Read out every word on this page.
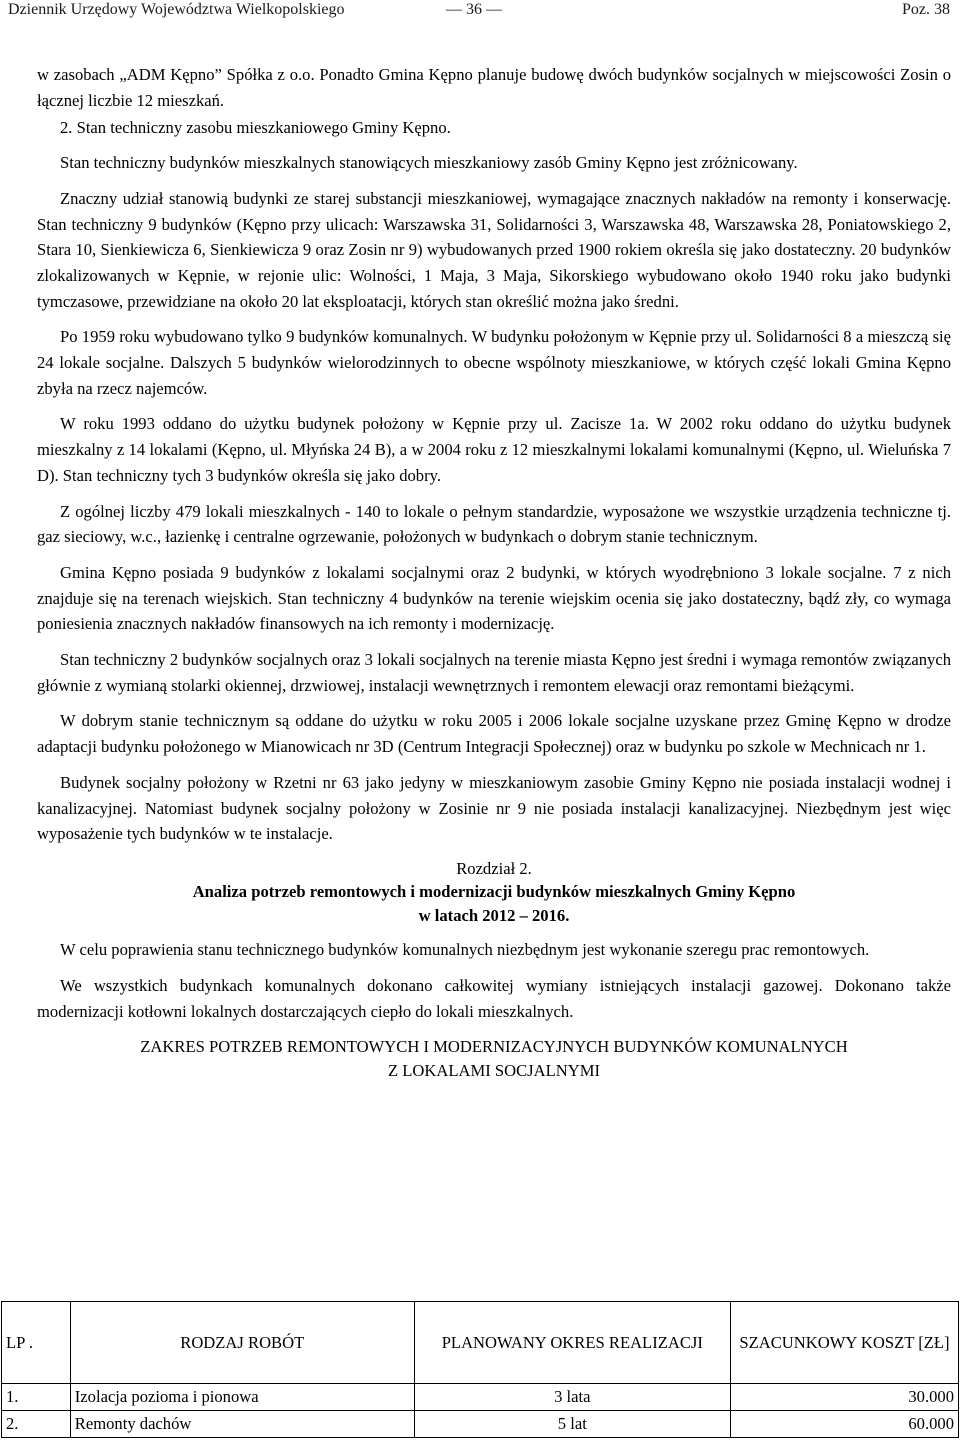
Dziennik Urzędowy Województwa Wielkopolskiego	— 36 —	Poz. 38

w zasobach „ADM Kępno” Spółka z o.o. Ponadto Gmina Kępno planuje budowę dwóch budynków socjalnych w miejscowości Zosin o łącznej liczbie 12 mieszkań.

2. Stan techniczny zasobu mieszkaniowego Gminy Kępno.

Stan techniczny budynków mieszkalnych stanowiących mieszkaniowy zasób Gminy Kępno jest zróżnicowany.

Znaczny udział stanowią budynki ze starej substancji mieszkaniowej, wymagające znacznych nakładów na remonty i konserwację. Stan techniczny 9 budynków (Kępno przy ulicach: Warszawska 31, Solidarności 3, Warszawska 48, Warszawska 28, Poniatowskiego 2, Stara 10, Sienkiewicza 6, Sienkiewicza 9 oraz Zosin nr 9) wybudowanych przed 1900 rokiem określa się jako dostateczny. 20 budynków zlokalizowanych w Kępnie, w rejonie ulic: Wolności, 1 Maja, 3 Maja, Sikorskiego wybudowano około 1940 roku jako budynki tymczasowe, przewidziane na około 20 lat eksploatacji, których stan określić można jako średni.

Po 1959 roku wybudowano tylko 9 budynków komunalnych. W budynku położonym w Kępnie przy ul. Solidarności 8 a mieszczą się 24 lokale socjalne. Dalszych 5 budynków wielorodzinnych to obecne wspólnoty mieszkaniowe, w których część lokali Gmina Kępno zbyła na rzecz najemców.

W roku 1993 oddano do użytku budynek położony w Kępnie przy ul. Zacisze 1a. W 2002 roku oddano do użytku budynek mieszkalny z 14 lokalami (Kępno, ul. Młyńska 24 B), a w 2004 roku z 12 mieszkalnymi lokalami komunalnymi (Kępno, ul. Wieluńska 7 D). Stan techniczny tych 3 budynków określa się jako dobry.

Z ogólnej liczby 479 lokali mieszkalnych - 140 to lokale o pełnym standardzie, wyposażone we wszystkie urządzenia techniczne tj. gaz sieciowy, w.c., łazienkę i centralne ogrzewanie, położonych w budynkach o dobrym stanie technicznym.

Gmina Kępno posiada 9 budynków z lokalami socjalnymi oraz 2 budynki, w których wyodrębniono 3 lokale socjalne. 7 z nich znajduje się na terenach wiejskich. Stan techniczny 4 budynków na terenie wiejskim ocenia się jako dostateczny, bądź zły, co wymaga poniesienia znacznych nakładów finansowych na ich remonty i modernizację.

Stan techniczny 2 budynków socjalnych oraz 3 lokali socjalnych na terenie miasta Kępno jest średni i wymaga remontów związanych głównie z wymianą stolarki okiennej, drzwiowej, instalacji wewnętrznych i remontem elewacji oraz remontami bieżącymi.

W dobrym stanie technicznym są oddane do użytku w roku 2005 i 2006 lokale socjalne uzyskane przez Gminę Kępno w drodze adaptacji budynku położonego w Mianowicach nr 3D (Centrum Integracji Społecznej) oraz w budynku po szkole w Mechnicach nr 1.

Budynek socjalny położony w Rzetni nr 63 jako jedyny w mieszkaniowym zasobie Gminy Kępno nie posiada instalacji wodnej i kanalizacyjnej. Natomiast budynek socjalny położony w Zosinie nr 9 nie posiada instalacji kanalizacyjnej. Niezbędnym jest więc wyposażenie tych budynków w te instalacje.

Rozdział 2.
Analiza potrzeb remontowych i modernizacji budynków mieszkalnych Gminy Kępno
w latach 2012 – 2016.

W celu poprawienia stanu technicznego budynków komunalnych niezbędnym jest wykonanie szeregu prac remontowych.

We wszystkich budynkach komunalnych dokonano całkowitej wymiany istniejących instalacji gazowej. Dokonano także modernizacji kotłowni lokalnych dostarczających ciepło do lokali mieszkalnych.

ZAKRES POTRZEB REMONTOWYCH I MODERNIZACYJNYCH BUDYNKÓW KOMUNALNYCH
Z LOKALAMI SOCJALNYMI
LP .	RODZAJ ROBÓT	PLANOWANY OKRES REALIZACJI	SZACUNKOWY KOSZT [ZŁ]
1.	Izolacja pozioma i pionowa	3 lata	30.000
2.	Remonty dachów	5 lat	60.000
